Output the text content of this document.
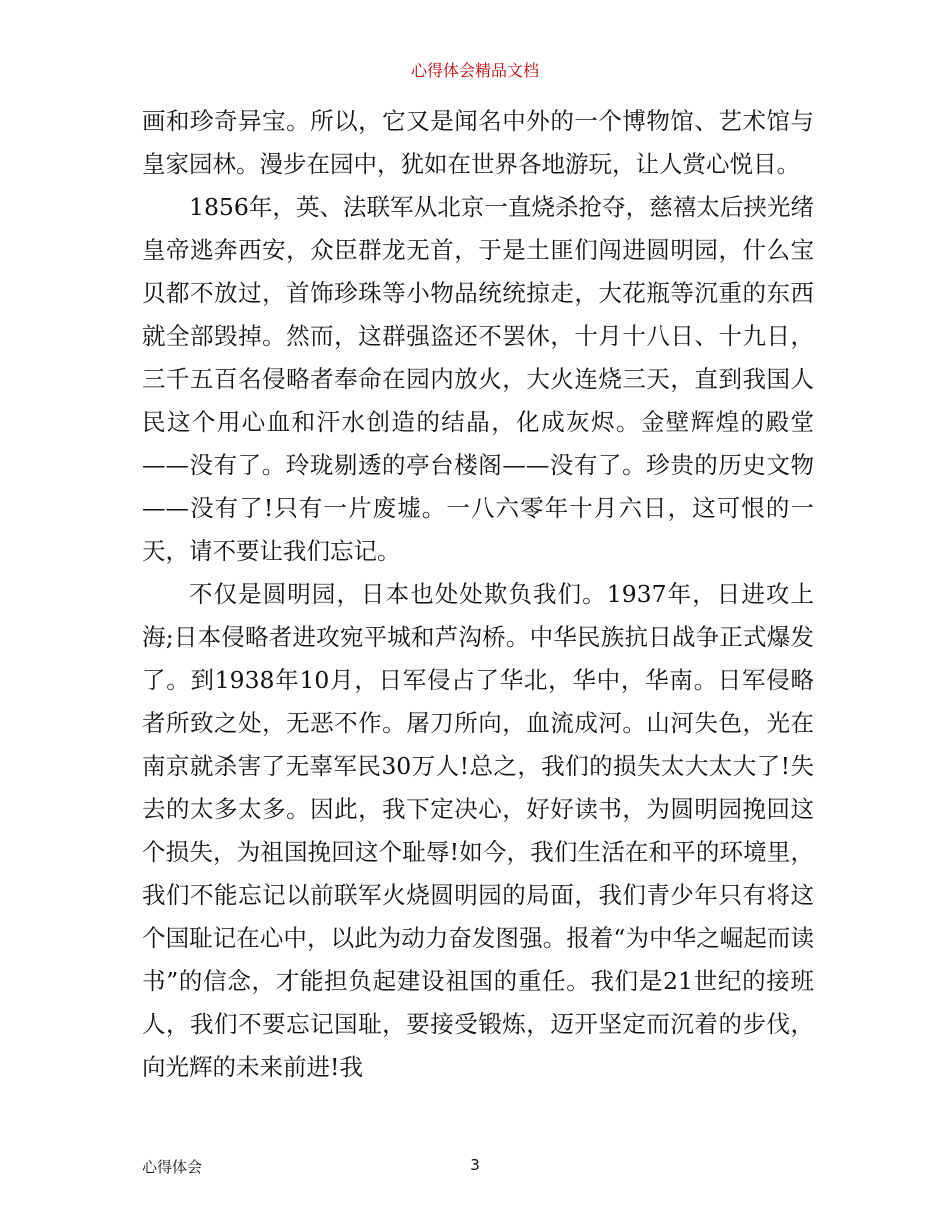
心得体会精品文档

画和珍奇异宝。所以，它又是闻名中外的一个博物馆、艺术馆与皇家园林。漫步在园中，犹如在世界各地游玩，让人赏心悦目。

1856年，英、法联军从北京一直烧杀抢夺，慈禧太后挟光绪皇帝逃奔西安，众臣群龙无首，于是土匪们闯进圆明园，什么宝贝都不放过，首饰珍珠等小物品统统掠走，大花瓶等沉重的东西就全部毁掉。然而，这群强盗还不罢休，十月十八日、十九日，三千五百名侵略者奉命在园内放火，大火连烧三天，直到我国人民这个用心血和汗水创造的结晶，化成灰烬。金壁辉煌的殿堂——没有了。玲珑剔透的亭台楼阁——没有了。珍贵的历史文物——没有了!只有一片废墟。一八六零年十月六日，这可恨的一天，请不要让我们忘记。

不仅是圆明园，日本也处处欺负我们。1937年，日进攻上海;日本侵略者进攻宛平城和芦沟桥。中华民族抗日战争正式爆发了。到1938年10月，日军侵占了华北，华中，华南。日军侵略者所致之处，无恶不作。屠刀所向，血流成河。山河失色，光在南京就杀害了无辜军民30万人!总之，我们的损失太大太大了!失去的太多太多。因此，我下定决心，好好读书，为圆明园挽回这个损失，为祖国挽回这个耻辱!如今，我们生活在和平的环境里，我们不能忘记以前联军火烧圆明园的局面，我们青少年只有将这个国耻记在心中，以此为动力奋发图强。报着“为中华之崛起而读书”的信念，才能担负起建设祖国的重任。我们是21世纪的接班人，我们不要忘记国耻，要接受锻炼，迈开坚定而沉着的步伐，向光辉的未来前进!我

心得体会	3
